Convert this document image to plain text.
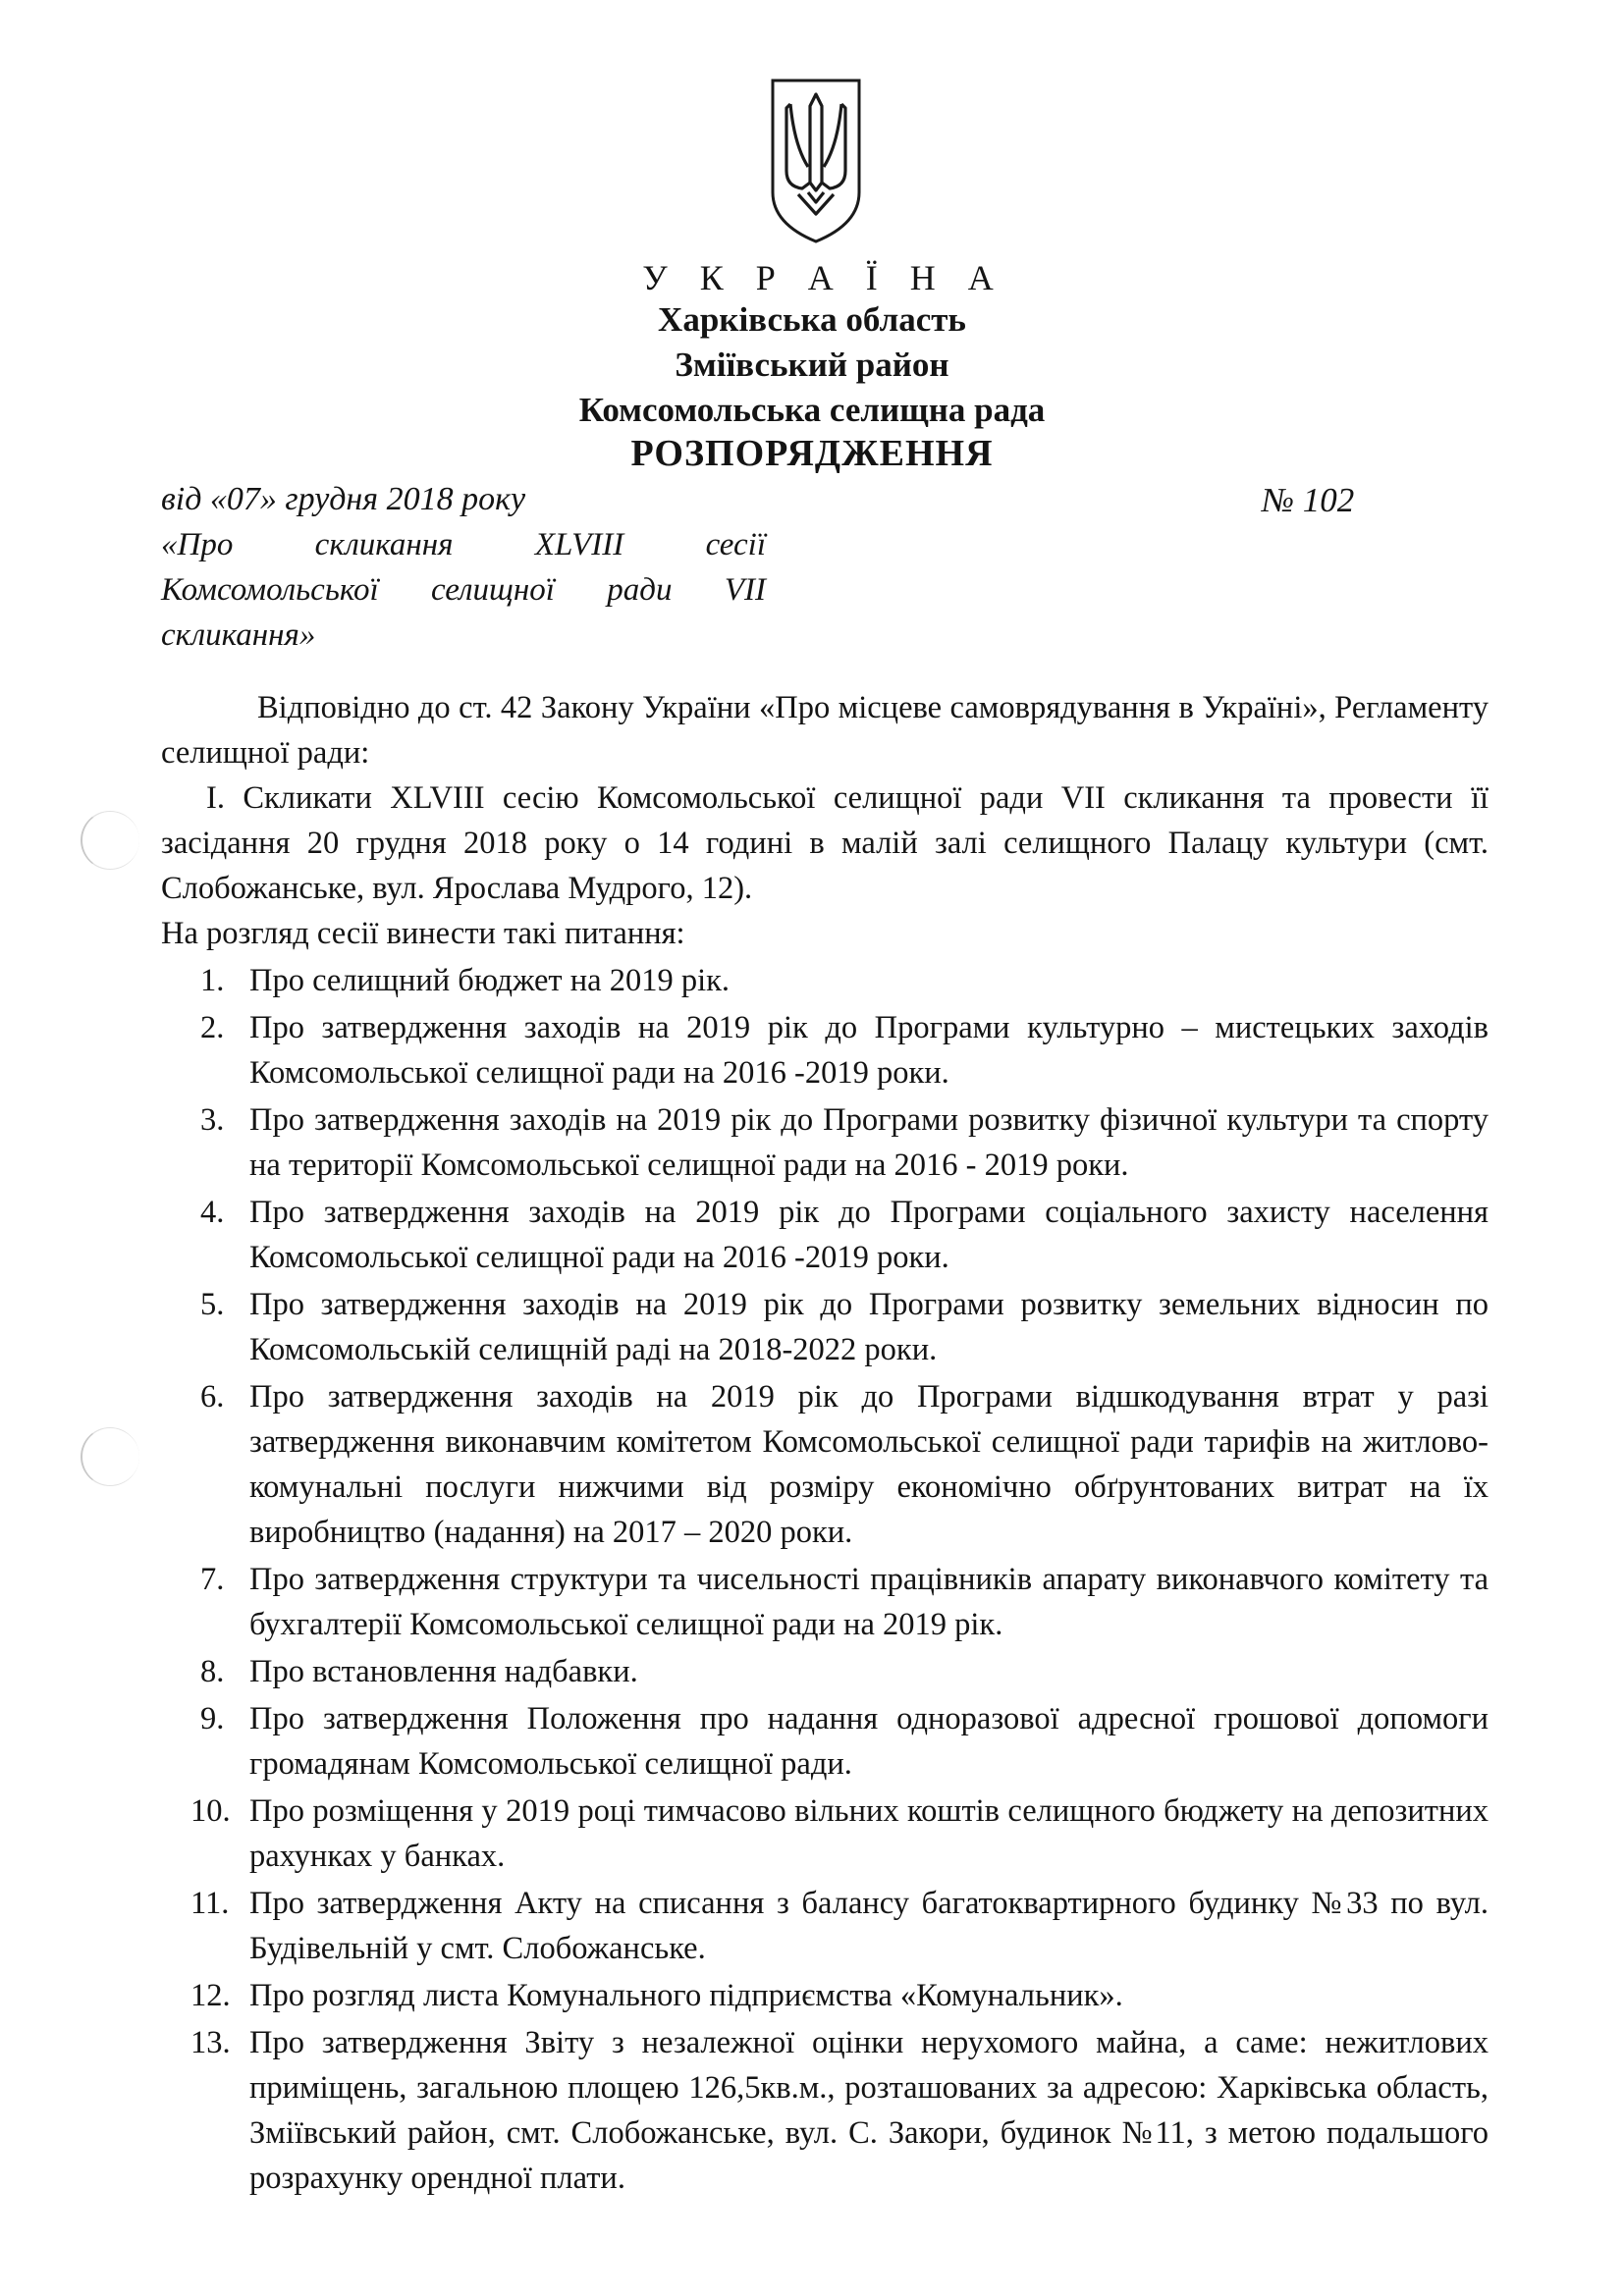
У К Р А Ї Н А
Харківська область
Зміївський район
Комсомольська селищна рада
РОЗПОРЯДЖЕННЯ
від «07» грудня 2018 року	№ 102
«Про скликання XLVIII сесії Комсомольської селищної ради VII скликання»

Відповідно до ст. 42 Закону України «Про місцеве самоврядування в Україні», Регламенту селищної ради:

І. Скликати XLVIII сесію Комсомольської селищної ради VII скликання та провести її засідання 20 грудня 2018 року о 14 годині в малій залі селищного Палацу культури (смт. Слобожанське, вул. Ярослава Мудрого, 12).

На розгляд сесії винести такі питання:

1. Про селищний бюджет на 2019 рік.
2. Про затвердження заходів на 2019 рік до Програми культурно – мистецьких заходів Комсомольської селищної ради на 2016 -2019 роки.
3. Про затвердження заходів на 2019 рік до Програми розвитку фізичної культури та спорту на території Комсомольської селищної ради на 2016 - 2019 роки.
4. Про затвердження заходів на 2019 рік до Програми соціального захисту населення Комсомольської селищної ради на 2016 -2019 роки.
5. Про затвердження заходів на 2019 рік до Програми розвитку земельних відносин по Комсомольській селищній раді на 2018-2022 роки.
6. Про затвердження заходів на 2019 рік до Програми відшкодування втрат у разі затвердження виконавчим комітетом Комсомольської селищної ради тарифів на житлово-комунальні послуги нижчими від розміру економічно обґрунтованих витрат на їх виробництво (надання) на 2017 – 2020 роки.
7. Про затвердження структури та чисельності працівників апарату виконавчого комітету та бухгалтерії Комсомольської селищної ради на 2019 рік.
8. Про встановлення надбавки.
9. Про затвердження Положення про надання одноразової адресної грошової допомоги громадянам Комсомольської селищної ради.
10. Про розміщення у 2019 році тимчасово вільних коштів селищного бюджету на депозитних рахунках у банках.
11. Про затвердження Акту на списання з балансу багатоквартирного будинку №33 по вул. Будівельній у смт. Слобожанське.
12. Про розгляд листа Комунального підприємства «Комунальник».
13. Про затвердження Звіту з незалежної оцінки нерухомого майна, а саме: нежитлових приміщень, загальною площею 126,5кв.м., розташованих за адресою: Харківська область, Зміївський район, смт. Слобожанське, вул. С. Закори, будинок №11, з метою подальшого розрахунку орендної плати.
